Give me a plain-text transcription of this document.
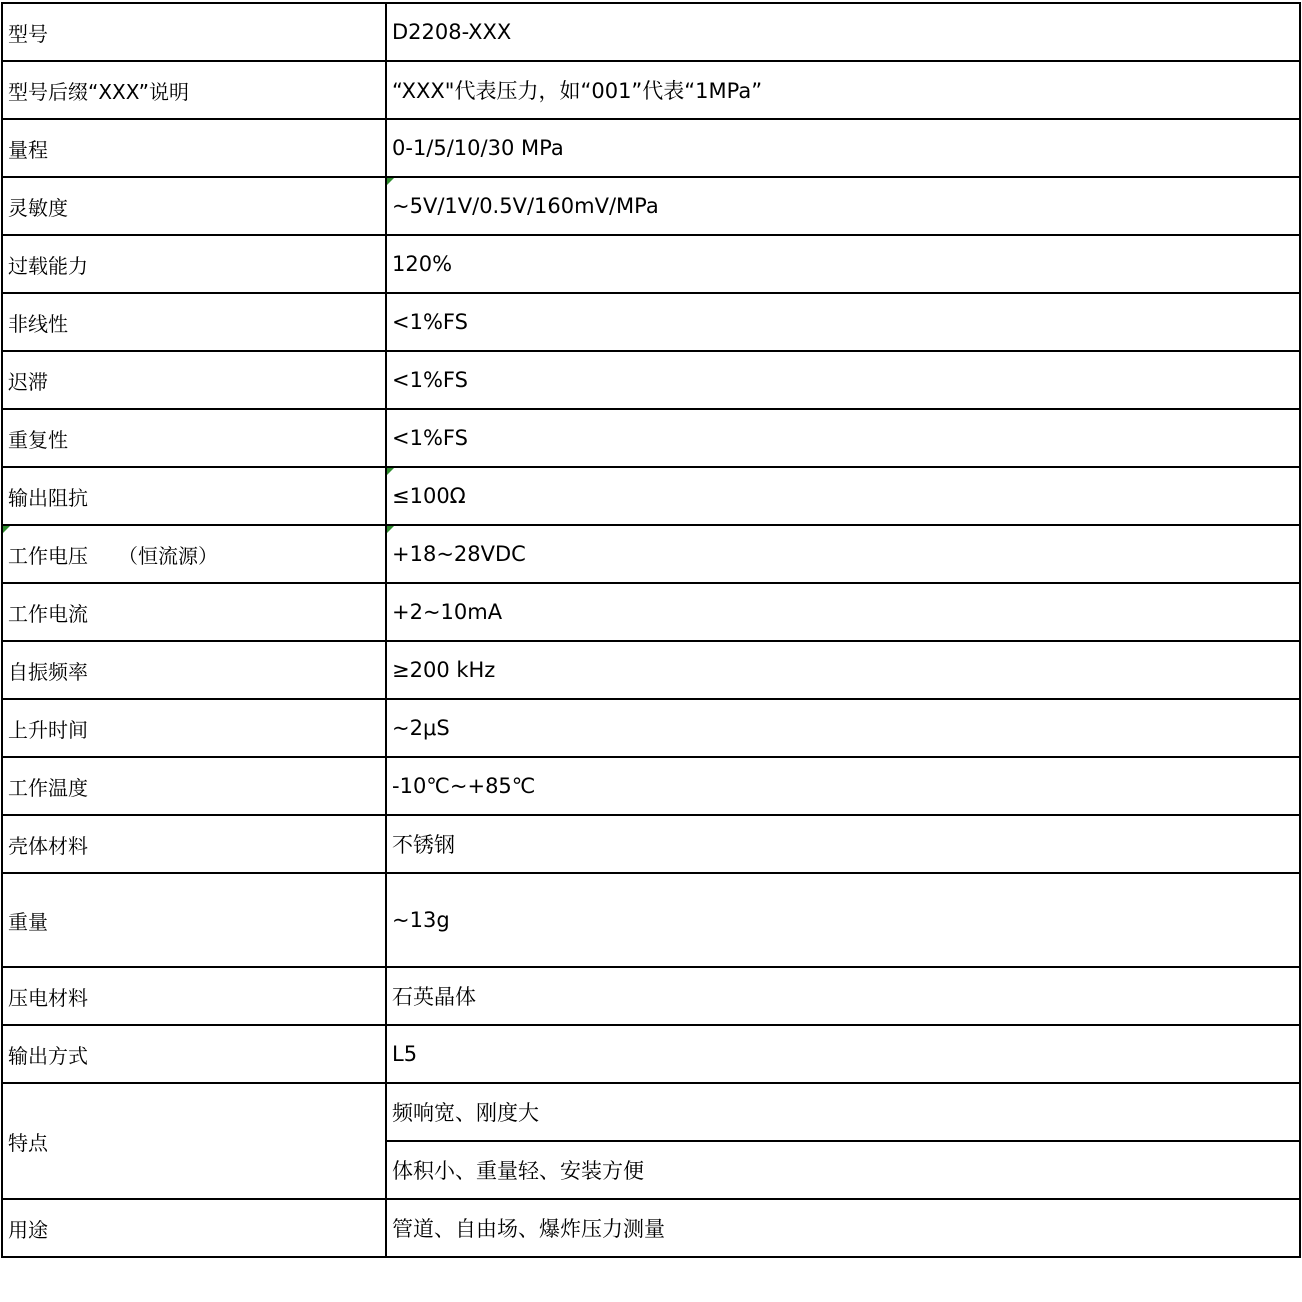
型号	D2208-XXX
型号后缀“XXX”说明	“XXX"代表压力，如“001”代表“1MPa”
量程	0-1/5/10/30 MPa
灵敏度	~5V/1V/0.5V/160mV/MPa
过载能力	120%
非线性	<1%FS
迟滞	<1%FS
重复性	<1%FS
输出阻抗	≤100Ω

工作电压　　（恒流源）	+18~28VDC
工作电流	+2~10mA
自振频率	≥200 kHz
上升时间	~2μS
工作温度	-10℃~+85℃
壳体材料	不锈钢
重量	~13g
压电材料	石英晶体
输出方式	L5
特点	频响宽、刚度大
	体积小、重量轻、安装方便
用途	管道、自由场、爆炸压力测量
